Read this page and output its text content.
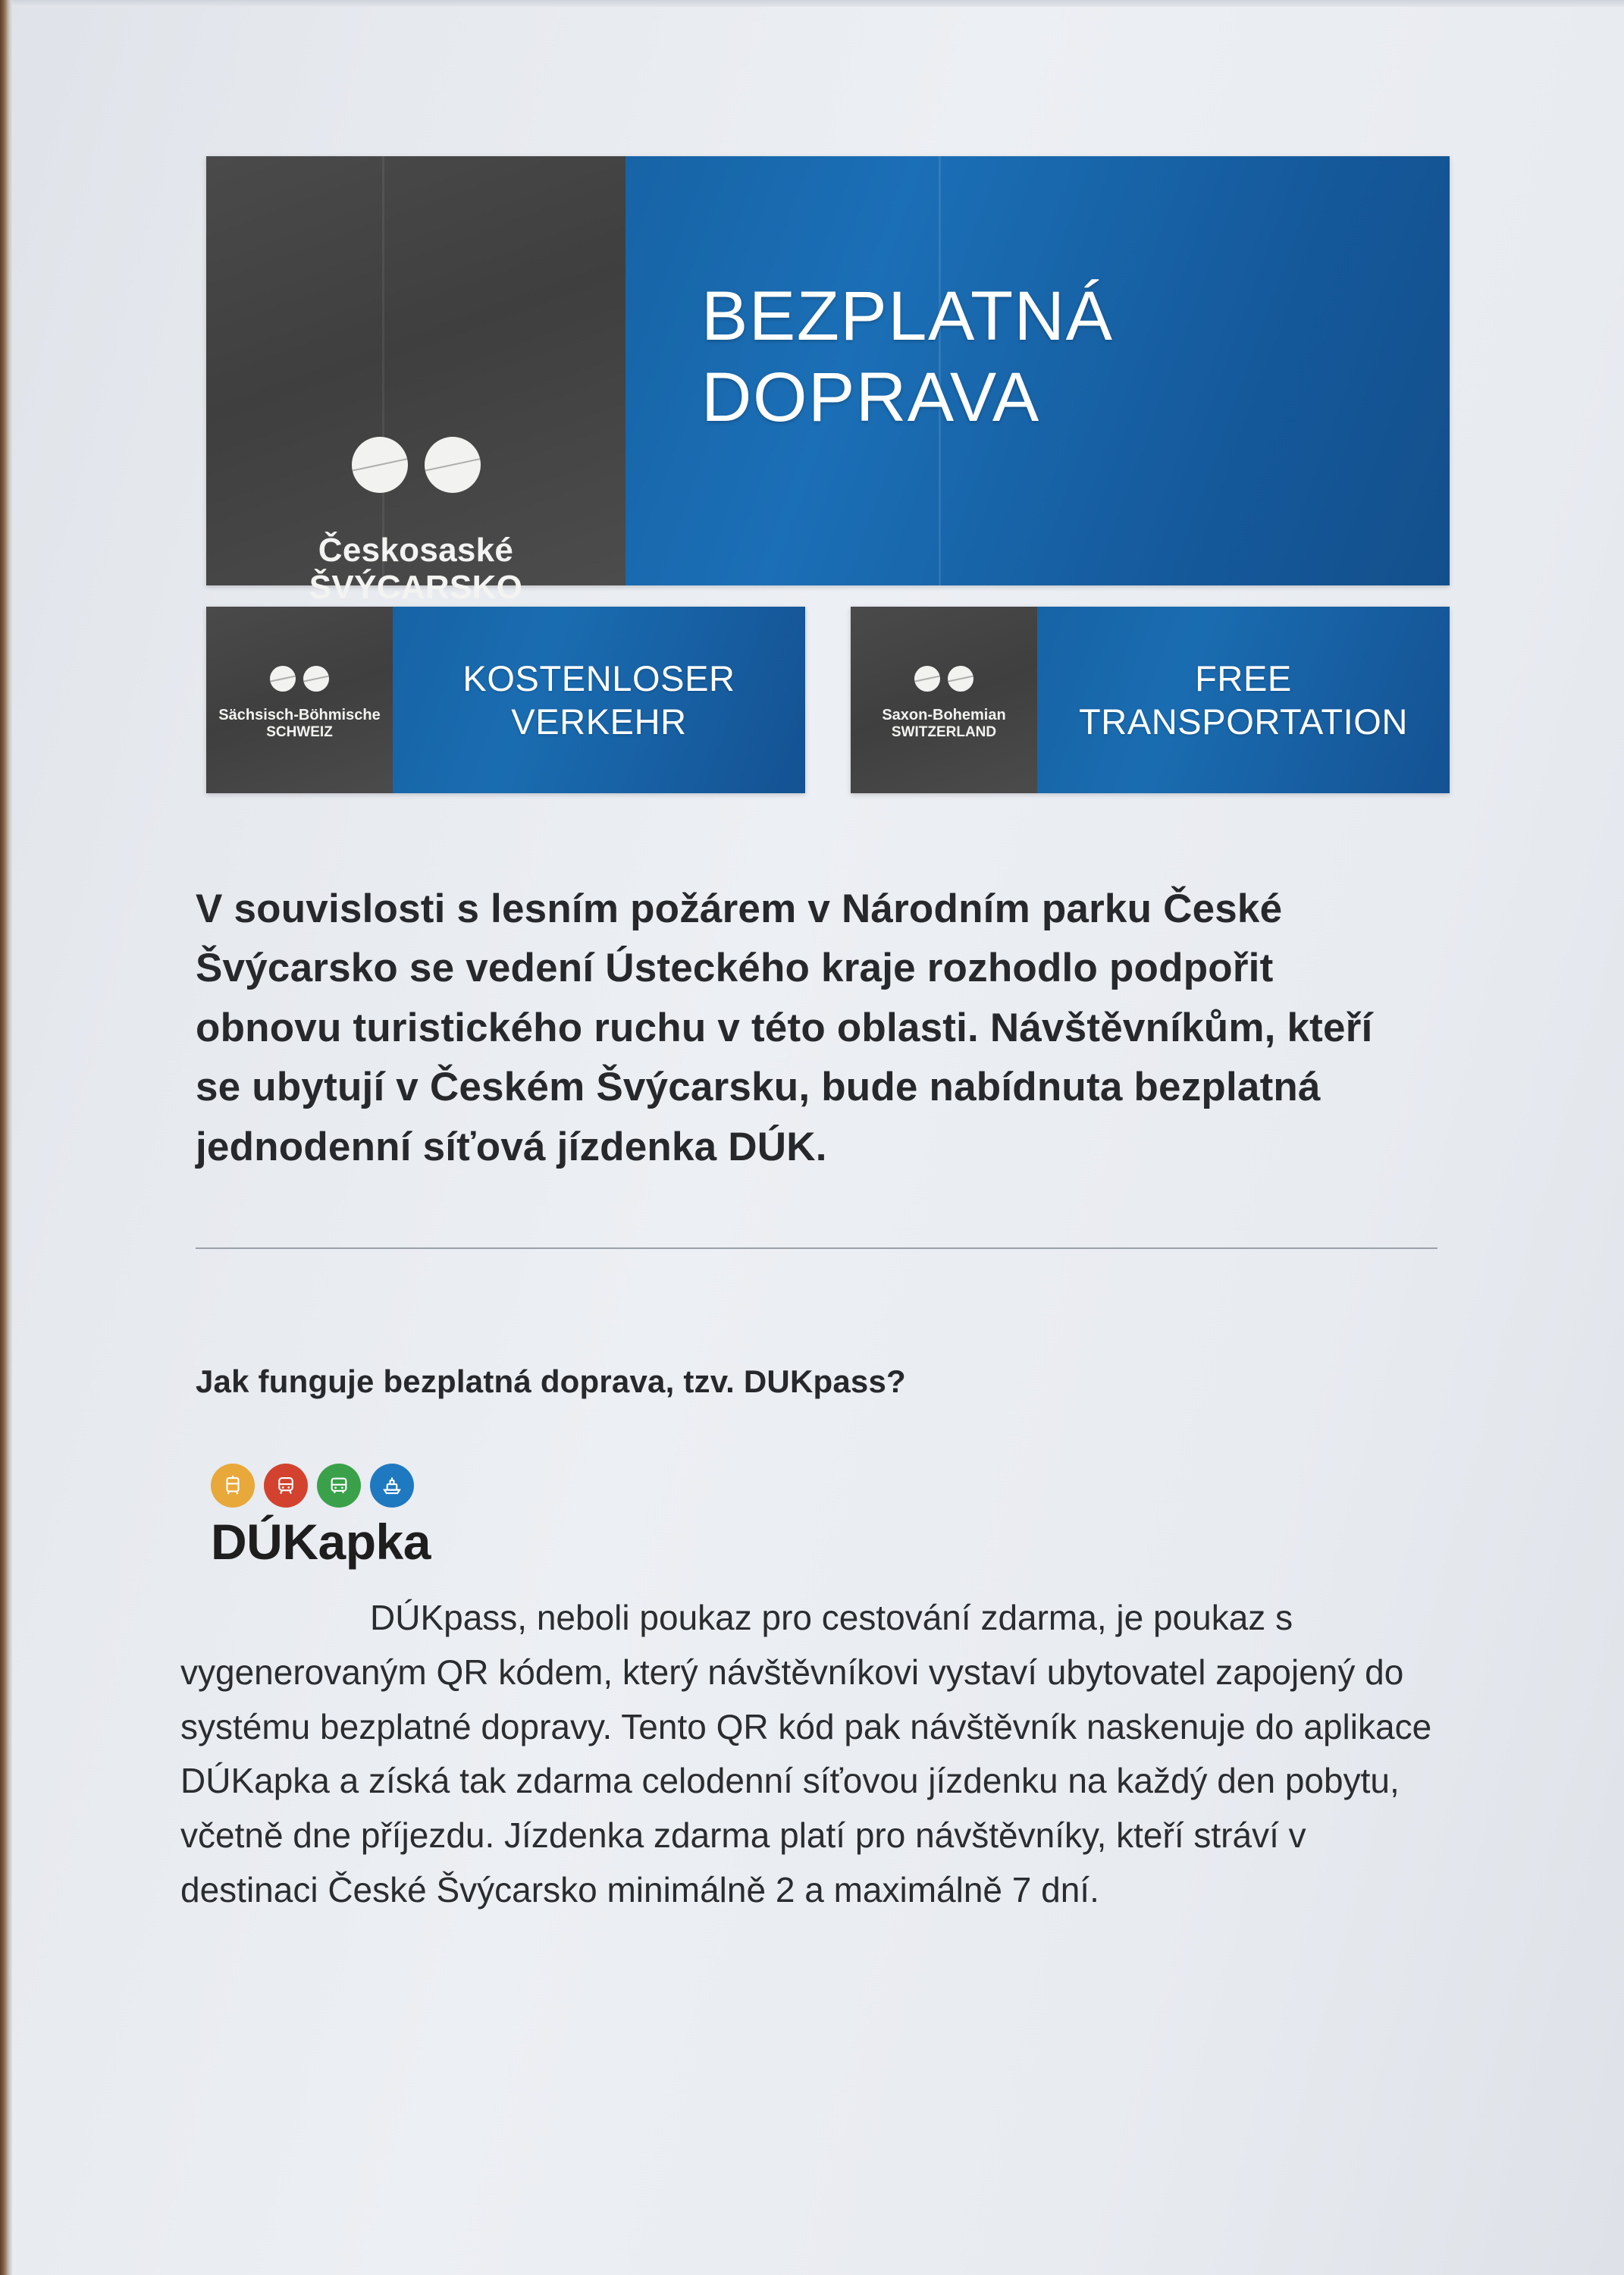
Českosaské
ŠVÝCARSKO
BEZPLATNÁ
DOPRAVA
Sächsisch-Böhmische
SCHWEIZ
KOSTENLOSER
VERKEHR	Saxon-Bohemian
SWITZERLAND
FREE
TRANSPORTATION
V souvislosti s lesním požárem v Národním parku České Švýcarsko se vedení Ústeckého kraje rozhodlo podpořit obnovu turistického ruchu v této oblasti. Návštěvníkům, kteří se ubytují v Českém Švýcarsku, bude nabídnuta bezplatná jednodenní síťová jízdenka DÚK.
Jak funguje bezplatná doprava, tzv. DUKpass?
DÚKapka
DÚKpass, neboli poukaz pro cestování zdarma, je poukaz s vygenerovaným QR kódem, který návštěvníkovi vystaví ubytovatel zapojený do systému bezplatné dopravy. Tento QR kód pak návštěvník naskenuje do aplikace DÚKapka a získá tak zdarma celodenní síťovou jízdenku na každý den pobytu, včetně dne příjezdu. Jízdenka zdarma platí pro návštěvníky, kteří stráví v destinaci České Švýcarsko minimálně 2 a maximálně 7 dní.
